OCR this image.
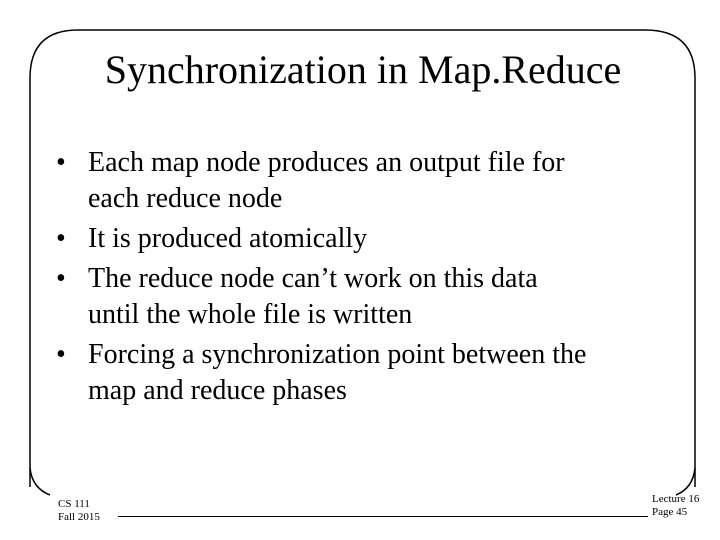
Synchronization in Map.Reduce
• Each map node produces an output file for
each reduce node
• It is produced atomically
• The reduce node can’t work on this data
until the whole file is written
• Forcing a synchronization point between the
map and reduce phases
CS 111
Fall 2015
Lecture 16
Page 45
